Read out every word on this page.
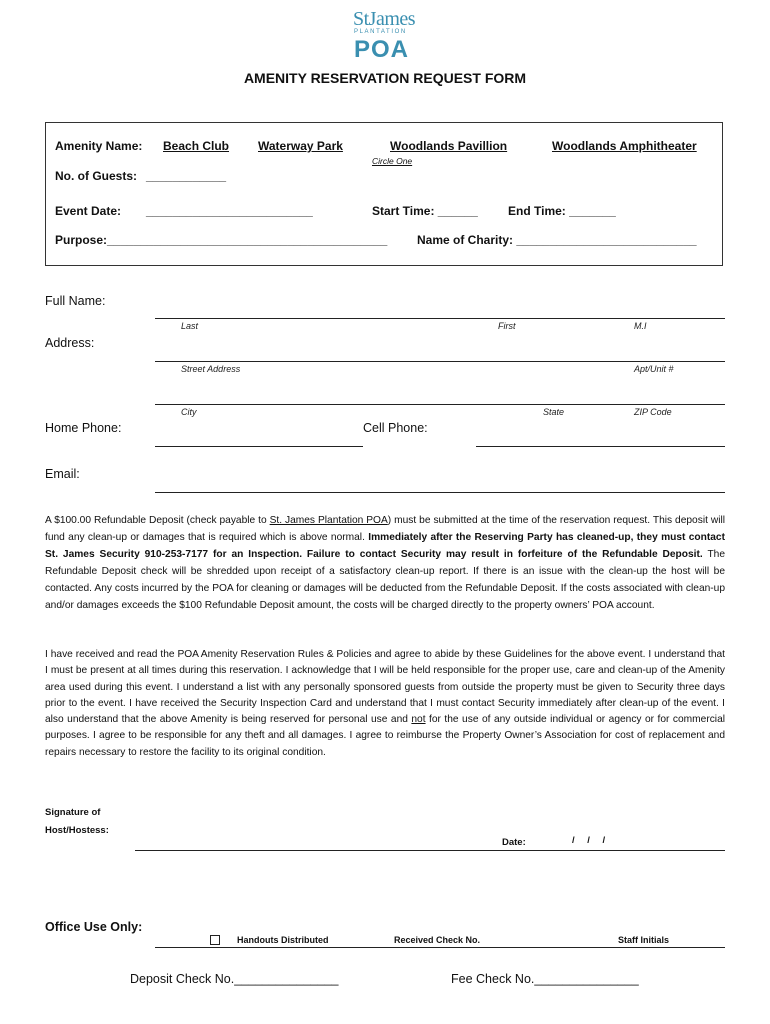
StJames
PLANTATION
POA
AMENITY RESERVATION REQUEST FORM
Amenity Name: Beach Club Waterway Park	Woodlands Pavillion	Woodlands Amphitheater
Circle One
No. of Guests: ____________
Event Date: _________________________	Start Time: ______	End Time: _______
Purpose:__________________________________________ Name of Charity: ___________________________
Full Name:
Last	First	M.I
Address:
Street Address	Apt/Unit #
City	State	ZIP Code
Home Phone:	Cell Phone:
Email:
A $100.00 Refundable Deposit (check payable to St. James Plantation POA) must be submitted at the time of the reservation request. This deposit will fund any clean-up or damages that is required which is above normal. Immediately after the Reserving Party has cleaned-up, they must contact St. James Security 910-253-7177 for an Inspection. Failure to contact Security may result in forfeiture of the Refundable Deposit. The Refundable Deposit check will be shredded upon receipt of a satisfactory clean-up report. If there is an issue with the clean-up the host will be contacted. Any costs incurred by the POA for cleaning or damages will be deducted from the Refundable Deposit. If the costs associated with clean-up and/or damages exceeds the $100 Refundable Deposit amount, the costs will be charged directly to the property owners’ POA account.
I have received and read the POA Amenity Reservation Rules & Policies and agree to abide by these Guidelines for the above event. I understand that I must be present at all times during this reservation. I acknowledge that I will be held responsible for the proper use, care and clean-up of the Amenity area used during this event. I understand a list with any personally sponsored guests from outside the property must be given to Security three days prior to the event. I have received the Security Inspection Card and understand that I must contact Security immediately after clean-up of the event. I also understand that the above Amenity is being reserved for personal use and not for the use of any outside individual or agency or for commercial purposes. I agree to be responsible for any theft and all damages. I agree to reimburse the Property Owner’s Association for cost of replacement and repairs necessary to restore the facility to its original condition.
Signature of
Host/Hostess:
Date:	/ / /
Office Use Only:
Handouts Distributed	Received Check No.	Staff Initials
Deposit Check No._______________	Fee Check No._______________
